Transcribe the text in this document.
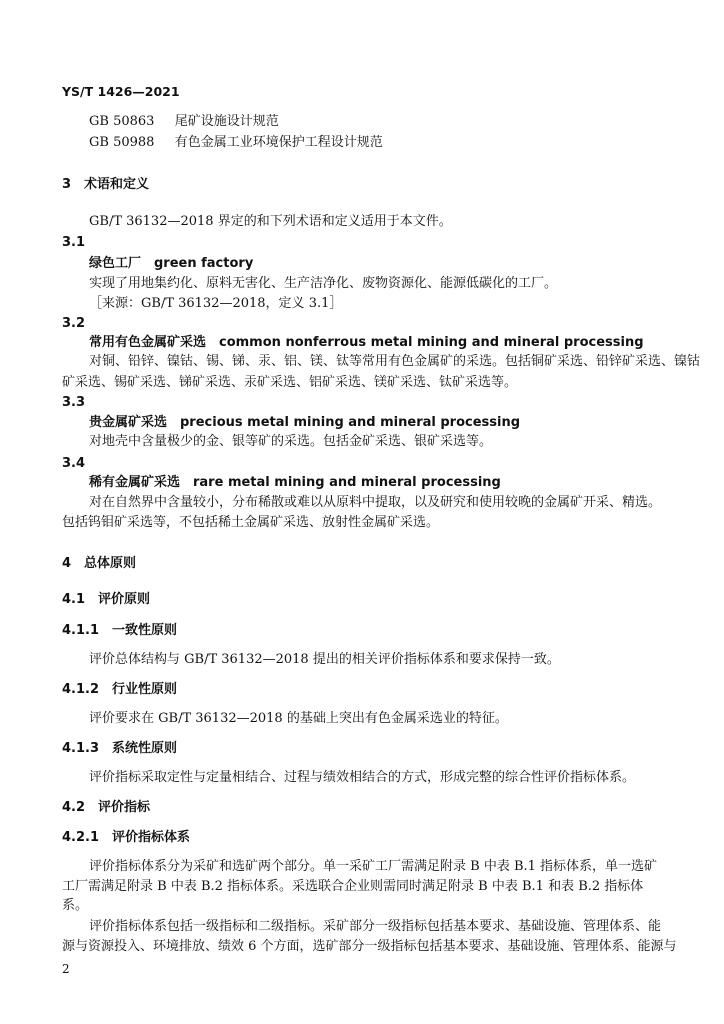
YS/T 1426—2021
GB 50863 尾矿设施设计规范
GB 50988 有色金属工业环境保护工程设计规范
3　术语和定义
GB/T 36132—2018 界定的和下列术语和定义适用于本文件。
3.1
绿色工厂　green factory
实现了用地集约化、原料无害化、生产洁净化、废物资源化、能源低碳化的工厂。
［来源：GB/T 36132—2018，定义 3.1］
3.2
常用有色金属矿采选　common nonferrous metal mining and mineral processing
对铜、铅锌、镍钴、锡、锑、汞、铝、镁、钛等常用有色金属矿的采选。包括铜矿采选、铅锌矿采选、镍钴
矿采选、锡矿采选、锑矿采选、汞矿采选、铝矿采选、镁矿采选、钛矿采选等。
3.3
贵金属矿采选　precious metal mining and mineral processing
对地壳中含量极少的金、银等矿的采选。包括金矿采选、银矿采选等。
3.4
稀有金属矿采选　rare metal mining and mineral processing
对在自然界中含量较小，分布稀散或难以从原料中提取，以及研究和使用较晚的金属矿开采、精选。
包括钨钼矿采选等，不包括稀土金属矿采选、放射性金属矿采选。
4　总体原则
4.1　评价原则
4.1.1　一致性原则
评价总体结构与 GB/T 36132—2018 提出的相关评价指标体系和要求保持一致。
4.1.2　行业性原则
评价要求在 GB/T 36132—2018 的基础上突出有色金属采选业的特征。
4.1.3　系统性原则
评价指标采取定性与定量相结合、过程与绩效相结合的方式，形成完整的综合性评价指标体系。
4.2　评价指标
4.2.1　评价指标体系
评价指标体系分为采矿和选矿两个部分。单一采矿工厂需满足附录 B 中表 B.1 指标体系，单一选矿
工厂需满足附录 B 中表 B.2 指标体系。采选联合企业则需同时满足附录 B 中表 B.1 和表 B.2 指标体
系。
评价指标体系包括一级指标和二级指标。采矿部分一级指标包括基本要求、基础设施、管理体系、能
源与资源投入、环境排放、绩效 6 个方面，选矿部分一级指标包括基本要求、基础设施、管理体系、能源与
2
